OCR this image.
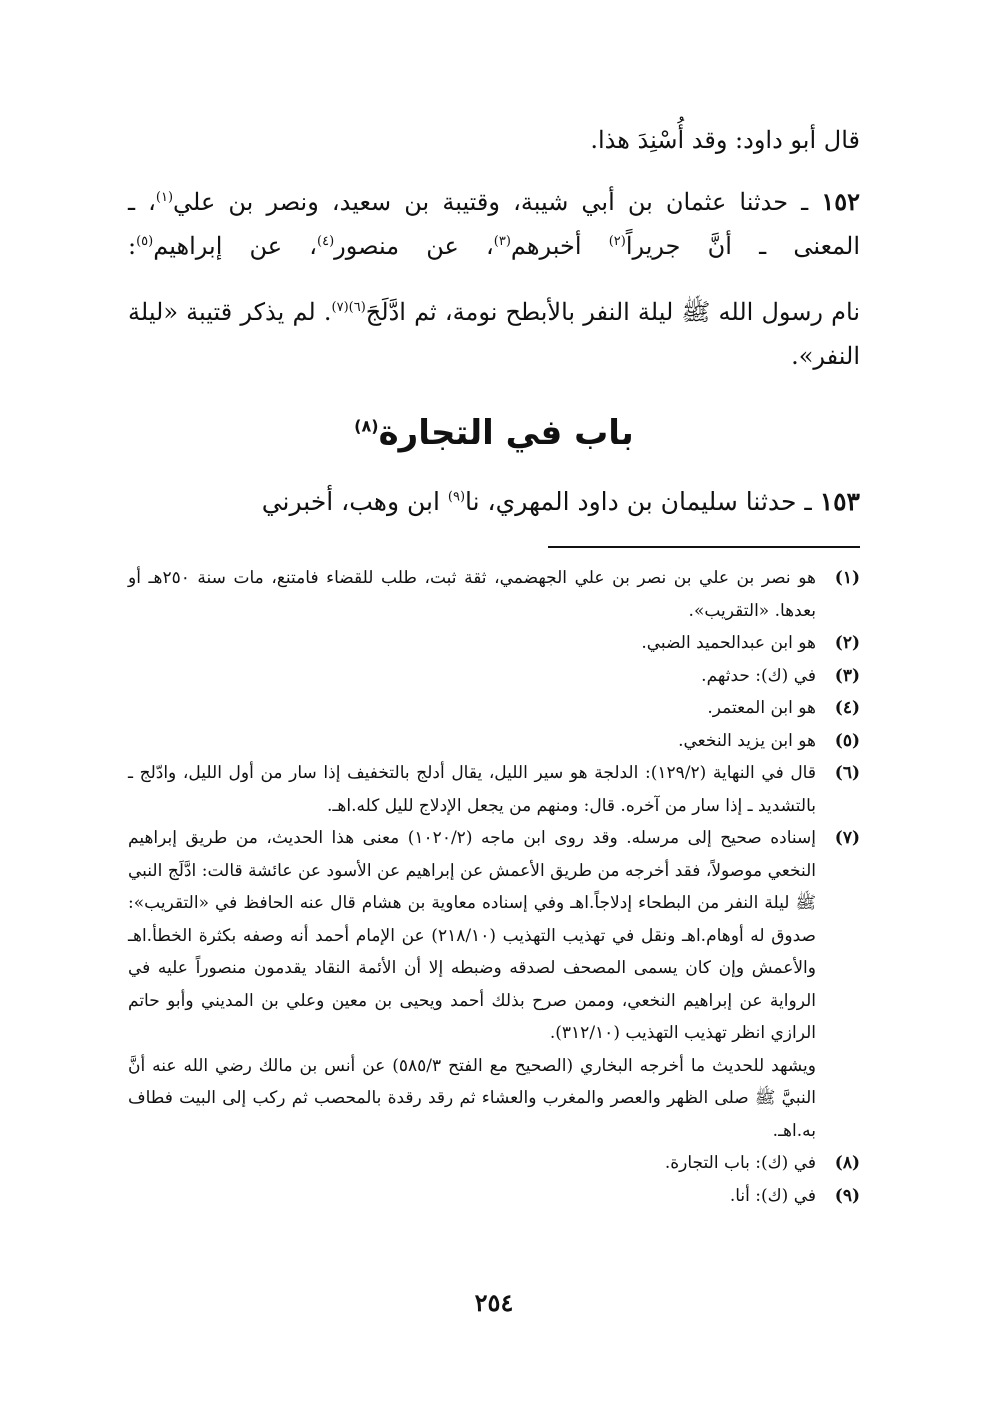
قال أبو داود: وقد أُسْنِدَ هذا.
١٥٢ ـ حدثنا عثمان بن أبي شيبة، وقتيبة بن سعيد، ونصر بن علي$^{(١)}$، ـ المعنى ـ أنَّ جريراً$^{(٢)}$ أخبرهم$^{(٣)}$، عن منصور$^{(٤)}$، عن إبراهيم$^{(٥)}$:
نام رسول الله ﷺ ليلة النفر بالأبطح نومة، ثم ادَّلَجَ$^{(٦)(٧)}$. لم يذكر قتيبة «ليلة النفر».
باب في التجارة$^{(٨)}$
١٥٣ ـ حدثنا سليمان بن داود المهري، نا$^{(٩)}$ ابن وهب، أخبرني
(١)
هو نصر بن علي بن نصر بن علي الجهضمي، ثقة ثبت، طلب للقضاء فامتنع، مات سنة ٢٥٠هـ أو بعدها. «التقريب».
(٢)
هو ابن عبدالحميد الضبي.
(٣)
في (ك): حدثهم.
(٤)
هو ابن المعتمر.
(٥)
هو ابن يزيد النخعي.
(٦)
قال في النهاية (١٢٩/٢): الدلجة هو سير الليل، يقال أدلج بالتخفيف إذا سار من أول الليل، وادّلج ـ بالتشديد ـ إذا سار من آخره. قال: ومنهم من يجعل الإدلاج لليل كله.اهـ.
(٧)
إسناده صحيح إلى مرسله. وقد روى ابن ماجه (١٠٢٠/٢) معنى هذا الحديث، من طريق إبراهيم النخعي موصولاً، فقد أخرجه من طريق الأعمش عن إبراهيم عن الأسود عن عائشة قالت: ادَّلَج النبي ﷺ ليلة النفر من البطحاء إدلاجاً.اهـ وفي إسناده معاوية بن هشام قال عنه الحافظ في «التقريب»: صدوق له أوهام.اهـ ونقل في تهذيب التهذيب (٢١٨/١٠) عن الإمام أحمد أنه وصفه بكثرة الخطأ.اهـ والأعمش وإن كان يسمى المصحف لصدقه وضبطه إلا أن الأئمة النقاد يقدمون منصوراً عليه في الرواية عن إبراهيم النخعي، وممن صرح بذلك أحمد ويحيى بن معين وعلي بن المديني وأبو حاتم الرازي انظر تهذيب التهذيب (٣١٢/١٠).
ويشهد للحديث ما أخرجه البخاري (الصحيح مع الفتح ٥٨٥/٣) عن أنس بن مالك رضي الله عنه أنَّ النبيَّ ﷺ صلى الظهر والعصر والمغرب والعشاء ثم رقد رقدة بالمحصب ثم ركب إلى البيت فطاف به.اهـ.
(٨)
في (ك): باب التجارة.
(٩)
في (ك): أنا.
٢٥٤
